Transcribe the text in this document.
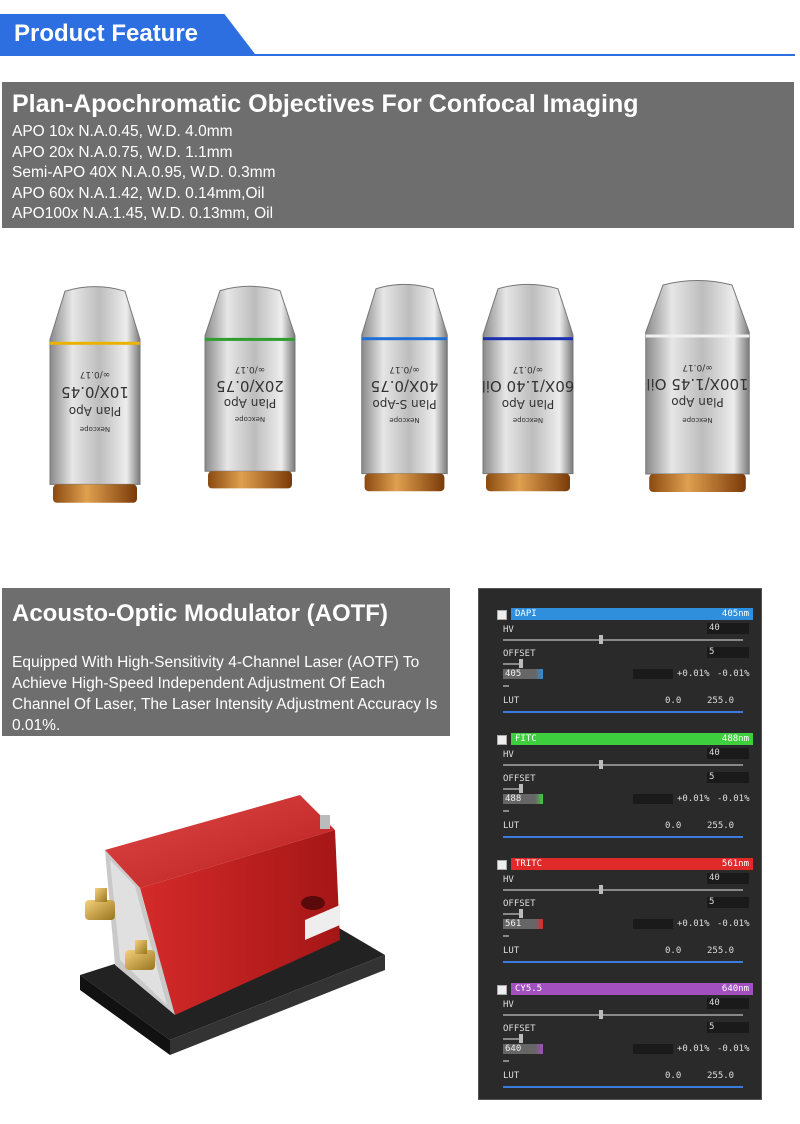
Product Feature
Plan-Apochromatic Objectives For Confocal Imaging
APO 10x N.A.0.45, W.D. 4.0mm
APO 20x N.A.0.75, W.D. 1.1mm
Semi-APO 40X N.A.0.95, W.D. 0.3mm
APO 60x N.A.1.42, W.D. 0.14mm,Oil
APO100x N.A.1.45, W.D. 0.13mm, Oil
∞/0.17
10X/0.45
Plan Apo
Nexcope
∞/0.17
20X/0.75
Plan Apo
Nexcope
∞/0.17
40X/0.75
Plan S-Apo
Nexcope
∞/0.17
60X/1.40 Oil
Plan Apo
Nexcope
∞/0.17
100X/1.45 Oil
Plan Apo
Nexcope
Acousto-Optic Modulator (AOTF)
Equipped With High-Sensitivity 4-Channel Laser (AOTF) To Achieve High-Speed Independent Adjustment Of Each Channel Of Laser, The Laser Intensity Adjustment Accuracy Is 0.01%.
DAPI	405nm
HV	40
OFFSET	5
405	+0.01% -0.01%
LUT	0.0	255.0
FITC	488nm
HV	40
OFFSET	5
488	+0.01% -0.01%
LUT	0.0	255.0
TRITC	561nm
HV	40
OFFSET	5
561	+0.01% -0.01%
LUT	0.0	255.0
CY5.5	640nm
HV	40
OFFSET	5
640	+0.01% -0.01%
LUT	0.0	255.0
